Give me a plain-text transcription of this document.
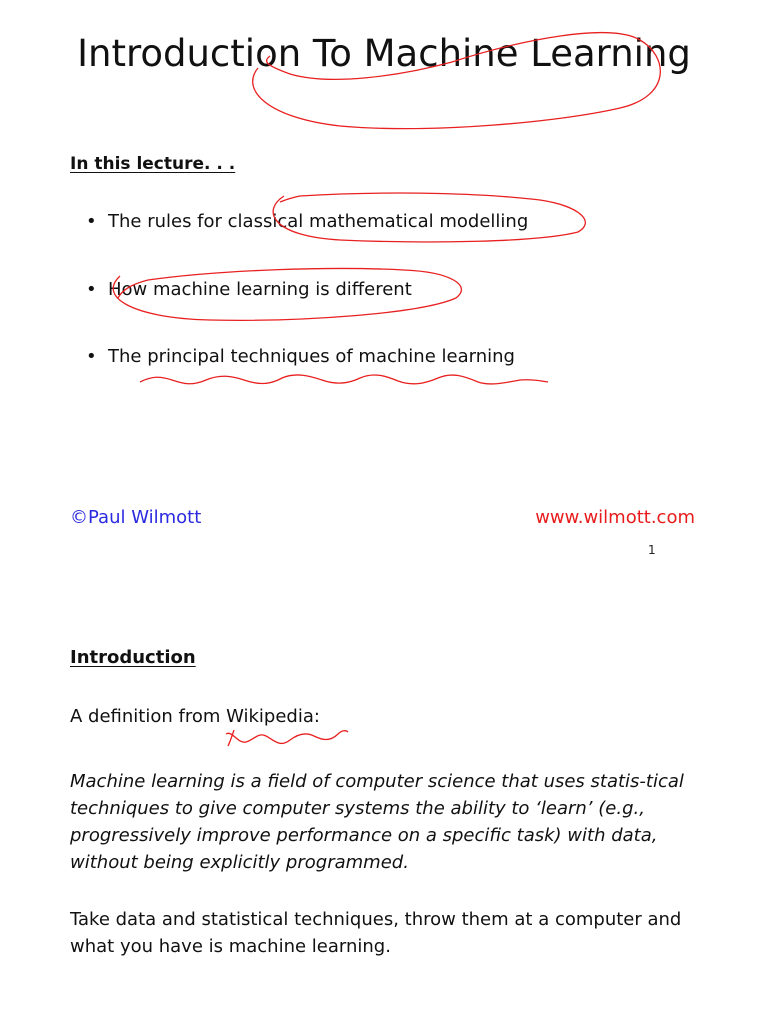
Introduction To Machine Learning
In this lecture. . .
• The rules for classical mathematical modelling
• How machine learning is different
• The principal techniques of machine learning
©Paul Wilmott	www.wilmott.com
1
Introduction
A definition from Wikipedia:
Machine learning is a field of computer science that uses statis-tical techniques to give computer systems the ability to ‘learn’ (e.g., progressively improve performance on a specific task) with data, without being explicitly programmed.
Take data and statistical techniques, throw them at a computer and what you have is machine learning.
